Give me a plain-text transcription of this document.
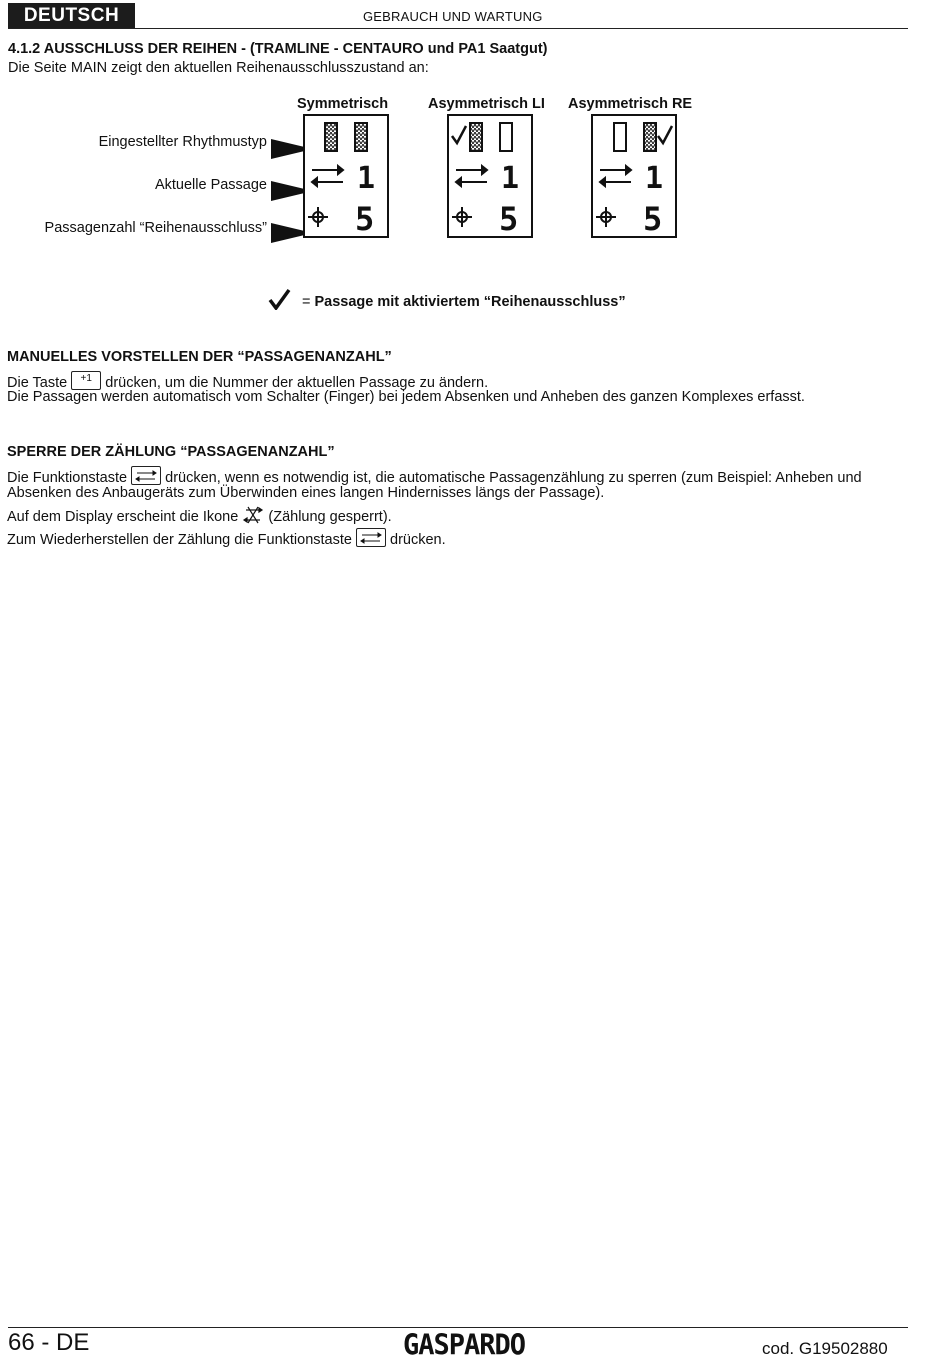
DEUTSCH	GEBRAUCH UND WARTUNG
4.1.2 AUSSCHLUSS DER REIHEN - (TRAMLINE - CENTAURO und PA1 Saatgut)
Die Seite MAIN zeigt den aktuellen Reihenausschlusszustand an:
Symmetrisch	Asymmetrisch LI Asymmetrisch RE
Eingestellter Rhythmustyp
Aktuelle Passage
Passagenzahl “Reihenausschluss”
1
5
1
5
1
5
= Passage mit aktiviertem “Reihenausschluss”
MANUELLES VORSTELLEN DER “PASSAGENANZAHL”
Die Taste	+1 drücken, um die Nummer der aktuellen Passage zu ändern.
Die Passagen werden automatisch vom Schalter (Finger) bei jedem Absenken und Anheben des ganzen Komplexes erfasst.
SPERRE DER ZÄHLUNG “PASSAGENANZAHL”
Die Funktionstaste	drücken, wenn es notwendig ist, die automatische Passagenzählung zu sperren (zum Beispiel: Anheben und
Absenken des Anbaugeräts zum Überwinden eines langen Hindernisses längs der Passage).
Auf dem Display erscheint die Ikone (Zählung gesperrt).
Zum Wiederherstellen der Zählung die Funktionstaste	drücken.
66 - DE	GASPARDO	cod. G19502880
